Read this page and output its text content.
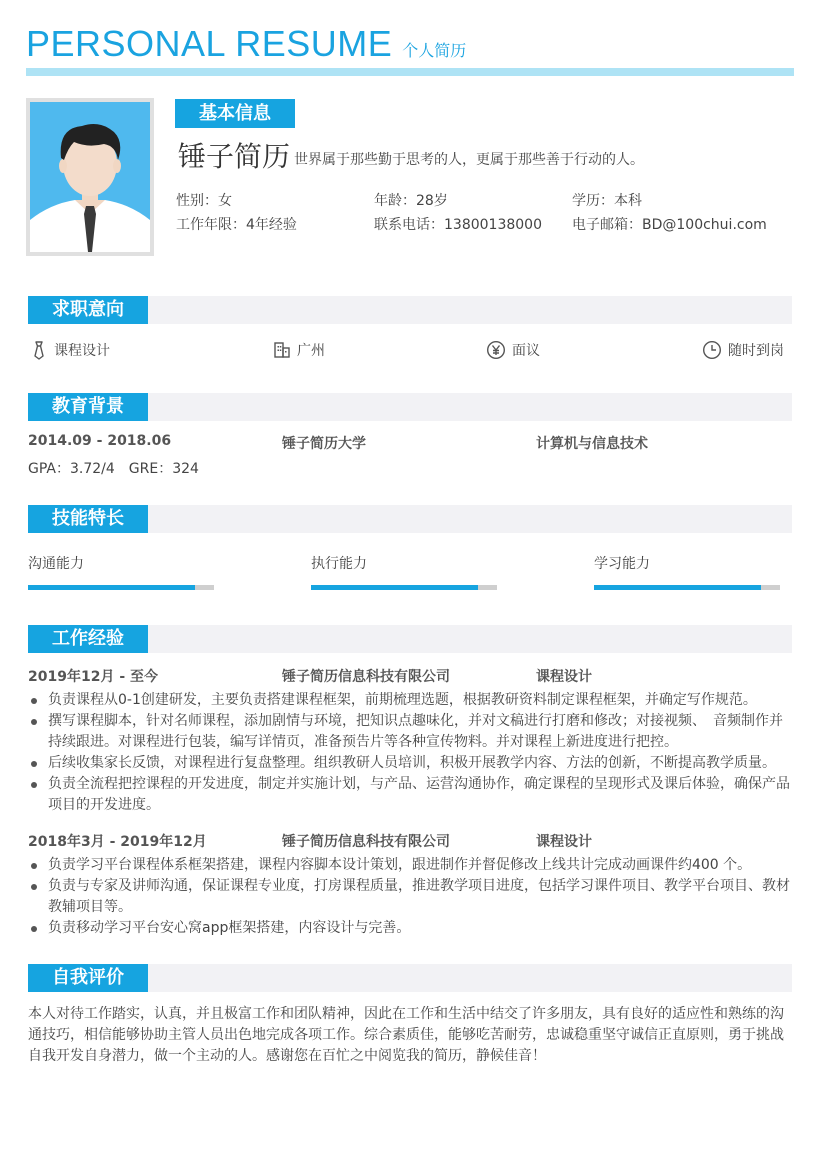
PERSONAL RESUME 个人简历
基本信息
锤子简历 世界属于那些勤于思考的人，更属于那些善于行动的人。
性别：女	年龄：28岁	学历：本科
工作年限：4年经验	联系电话：13800138000	电子邮箱：BD@100chui.com
求职意向
课程设计	广州	面议	随时到岗
教育背景
2014.09 - 2018.06	锤子简历大学	计算机与信息技术
GPA：3.72/4　GRE：324
技能特长
沟通能力	执行能力	学习能力
工作经验
2019年12月 - 至今	锤子简历信息科技有限公司	课程设计
负责课程从0-1创建研发，主要负责搭建课程框架，前期梳理选题，根据教研资料制定课程框架，并确定写作规范。
撰写课程脚本，针对名师课程，添加剧情与环境，把知识点趣味化，并对文稿进行打磨和修改；对接视频、　音频制作并持续跟进。对课程进行包装，编写详情页，准备预告片等各种宣传物料。并对课程上新进度进行把控。
后续收集家长反馈，对课程进行复盘整理。组织教研人员培训，积极开展教学内容、方法的创新，不断提高教学质量。
负责全流程把控课程的开发进度，制定并实施计划，与产品、运营沟通协作，确定课程的呈现形式及课后体验，确保产品项目的开发进度。
2018年3月 - 2019年12月	锤子简历信息科技有限公司	课程设计
负责学习平台课程体系框架搭建，课程内容脚本设计策划，跟进制作并督促修改上线共计完成动画课件约400 个。
负责与专家及讲师沟通，保证课程专业度，打房课程质量，推进教学项目进度，包括学习课件项目、教学平台项目、教材教辅项目等。
负责移动学习平台安心窝app框架搭建，内容设计与完善。
自我评价
本人对待工作踏实，认真，并且极富工作和团队精神，因此在工作和生活中结交了许多朋友，具有良好的适应性和熟练的沟通技巧，相信能够协助主管人员出色地完成各项工作。综合素质佳，能够吃苦耐劳，忠诚稳重坚守诚信正直原则，勇于挑战自我开发自身潜力，做一个主动的人。感谢您在百忙之中阅览我的简历，静候佳音！
